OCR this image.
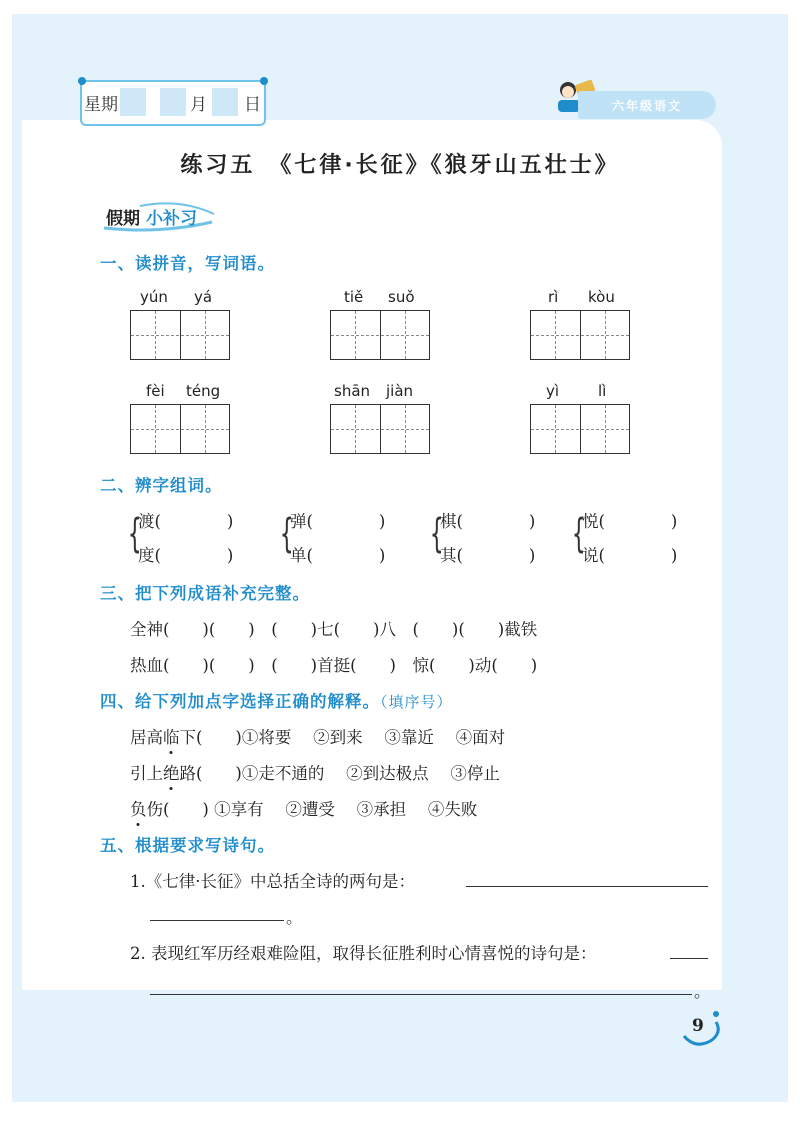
星期	月 日	六年级语文
练习五　《七律·长征》《狼牙山五壮士》
假期 小补习
一、读拼音，写词语。
yún yá	tiě suǒ	rì kòu
fèi téng	shān jiàn	yì	lì
二、辨字组词。
{
渡(　　　　)
度(　　　　) {
弹(　　　　)
单(　　　　) {
棋(　　　　)
其(　　　　) {
悦(　　　　)
说(　　　　)
三、把下列成语补充完整。
全神(　　)(　　)　(　　)七(　　)八　(　　)(　　)截铁
热血(　　)(　　)　(　　)首挺(　　)　惊(　　)动(　　)
四、给下列加点字选择正确的解释。（填序号）
居高临下(　　)①将要　 ②到来　 ③靠近　 ④面对
引上绝路(　　)①走不通的　 ②到达极点　 ③停止
负伤(　　) ①享有　 ②遭受　 ③承担　 ④失败
五、根据要求写诗句。
1.《七律·长征》中总括全诗的两句是：
。
2. 表现红军历经艰难险阻，取得长征胜利时心情喜悦的诗句是：
。
9
